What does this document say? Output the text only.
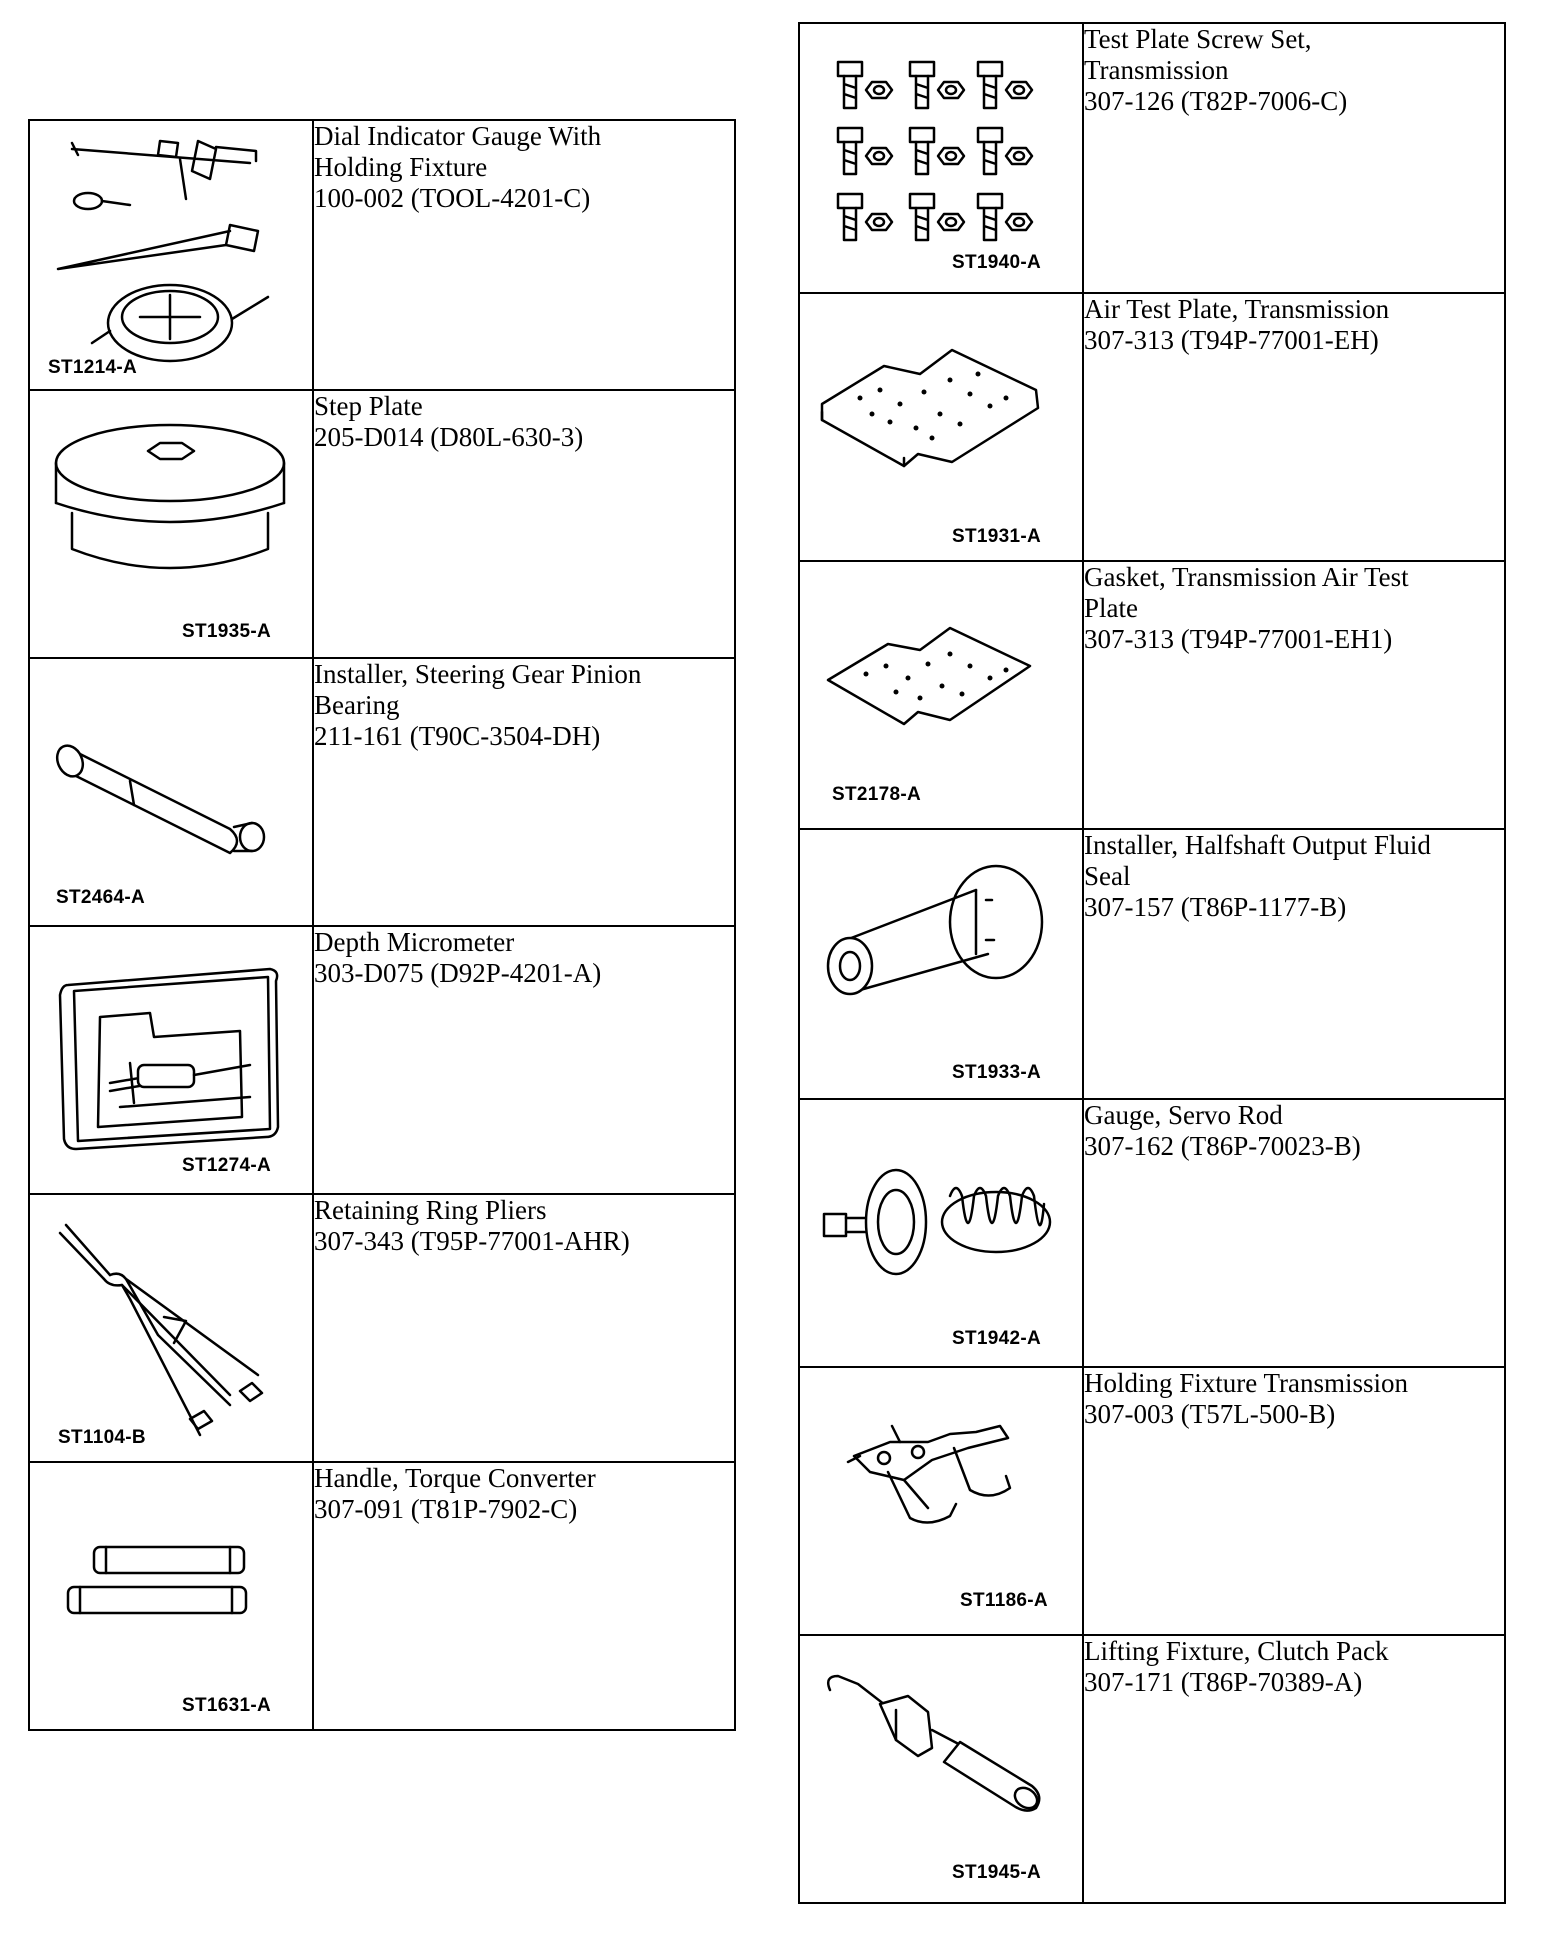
ST1214-A	Dial Indicator Gauge With
Holding Fixture
100-002 (TOOL-4201-C)

ST1935-A	Step Plate
205-D014 (D80L-630-3)

ST2464-A	Installer, Steering Gear Pinion
Bearing
211-161 (T90C-3504-DH)

ST1274-A	Depth Micrometer
303-D075 (D92P-4201-A)

ST1104-B	Retaining Ring Pliers
307-343 (T95P-77001-AHR)

ST1631-A	Handle, Torque Converter
307-091 (T81P-7902-C)
ST1940-A	Test Plate Screw Set,
Transmission
307-126 (T82P-7006-C)

ST1931-A	Air Test Plate, Transmission
307-313 (T94P-77001-EH)

ST2178-A	Gasket, Transmission Air Test
Plate
307-313 (T94P-77001-EH1)

ST1933-A	Installer, Halfshaft Output Fluid
Seal
307-157 (T86P-1177-B)

ST1942-A	Gauge, Servo Rod
307-162 (T86P-70023-B)

ST1186-A	Holding Fixture Transmission
307-003 (T57L-500-B)

ST1945-A	Lifting Fixture, Clutch Pack
307-171 (T86P-70389-A)
